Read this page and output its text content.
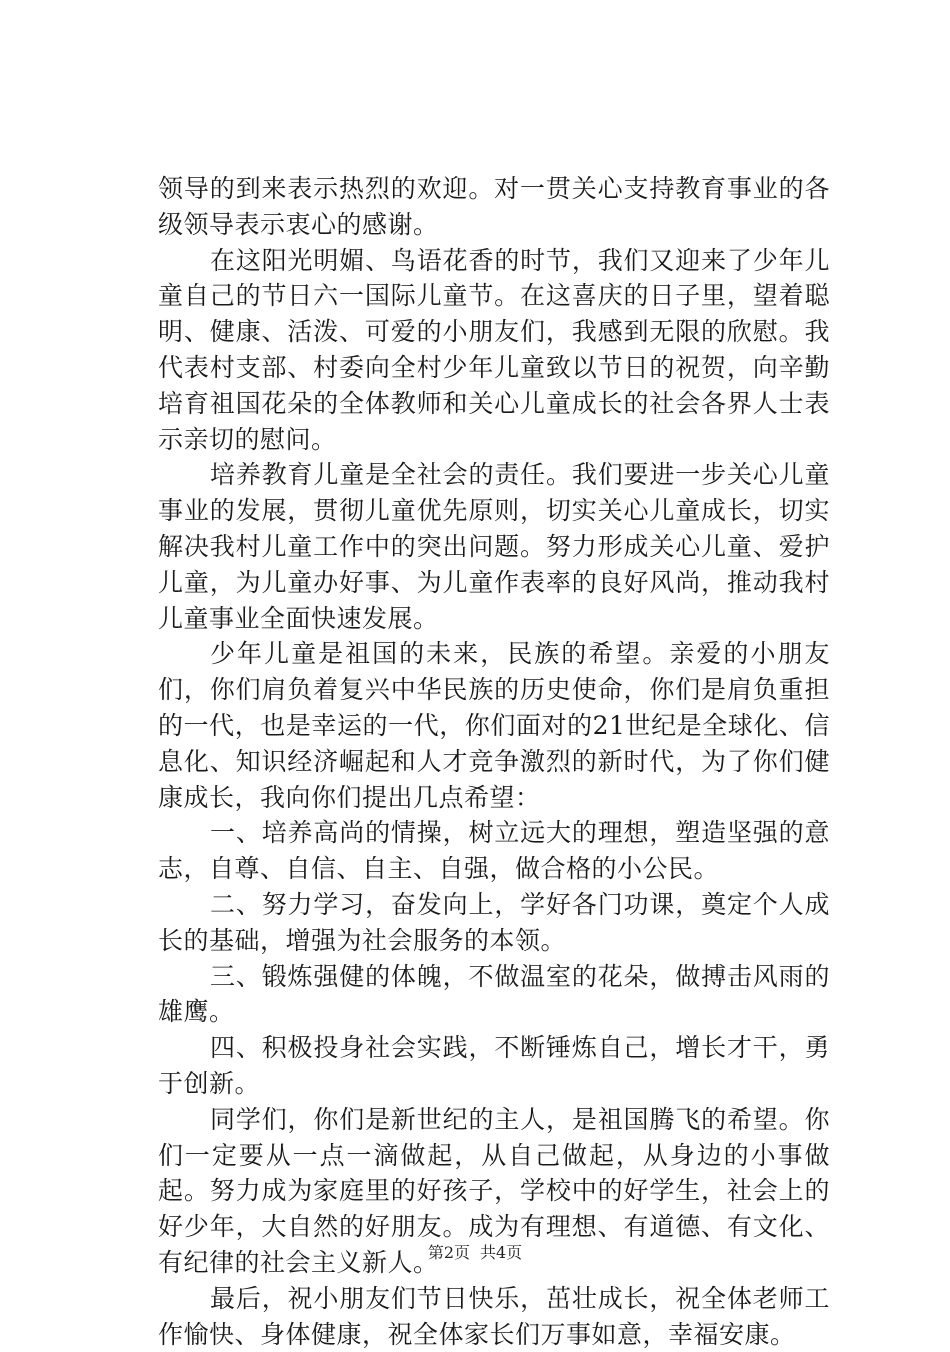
领导的到来表示热烈的欢迎。对一贯关心支持教育事业的各级领导表示衷心的感谢。

在这阳光明媚、鸟语花香的时节，我们又迎来了少年儿童自己的节日六一国际儿童节。在这喜庆的日子里，望着聪明、健康、活泼、可爱的小朋友们，我感到无限的欣慰。我代表村支部、村委向全村少年儿童致以节日的祝贺，向辛勤培育祖国花朵的全体教师和关心儿童成长的社会各界人士表示亲切的慰问。

培养教育儿童是全社会的责任。我们要进一步关心儿童事业的发展，贯彻儿童优先原则，切实关心儿童成长，切实解决我村儿童工作中的突出问题。努力形成关心儿童、爱护儿童，为儿童办好事、为儿童作表率的良好风尚，推动我村儿童事业全面快速发展。

少年儿童是祖国的未来，民族的希望。亲爱的小朋友们，你们肩负着复兴中华民族的历史使命，你们是肩负重担的一代，也是幸运的一代，你们面对的21世纪是全球化、信息化、知识经济崛起和人才竞争激烈的新时代，为了你们健康成长，我向你们提出几点希望：

一、培养高尚的情操，树立远大的理想，塑造坚强的意志，自尊、自信、自主、自强，做合格的小公民。

二、努力学习，奋发向上，学好各门功课，奠定个人成长的基础，增强为社会服务的本领。

三、锻炼强健的体魄，不做温室的花朵，做搏击风雨的雄鹰。

四、积极投身社会实践，不断锤炼自己，增长才干，勇于创新。

同学们，你们是新世纪的主人，是祖国腾飞的希望。你们一定要从一点一滴做起，从自己做起，从身边的小事做起。努力成为家庭里的好孩子，学校中的好学生，社会上的好少年，大自然的好朋友。成为有理想、有道德、有文化、有纪律的社会主义新人。

最后，祝小朋友们节日快乐，茁壮成长，祝全体老师工作愉快、身体健康，祝全体家长们万事如意，幸福安康。

第2页 共4页
